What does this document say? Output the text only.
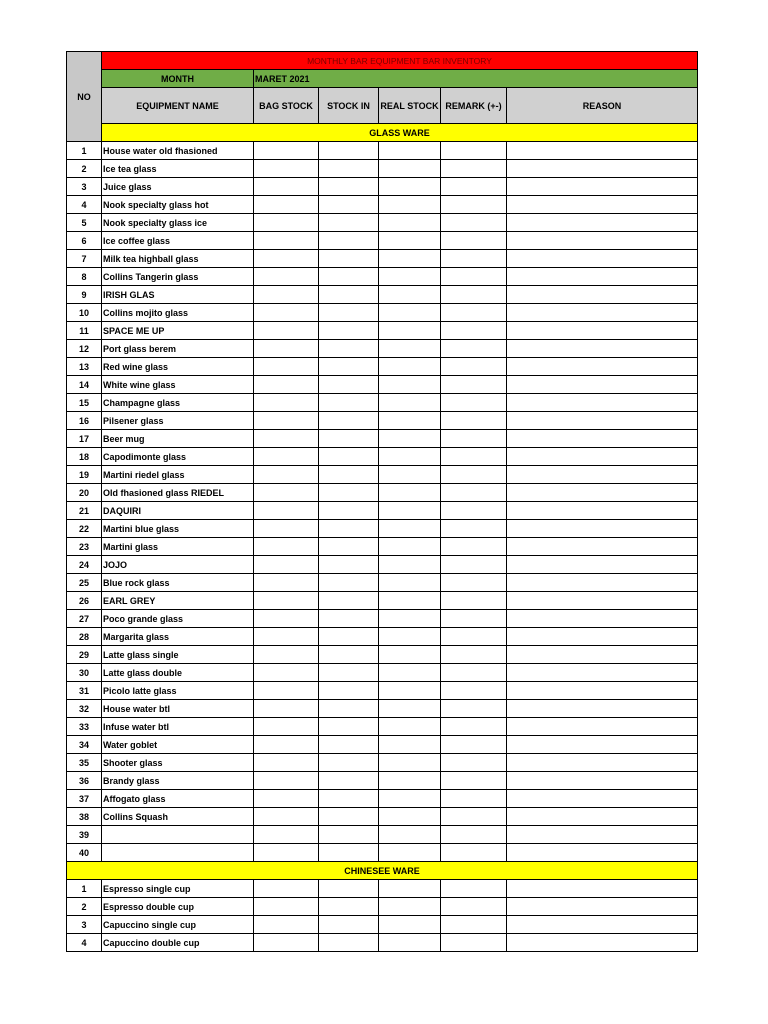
NO	MONTHLY BAR EQUIPMENT BAR INVENTORY					
	MONTH	MARET 2021				
	EQUIPMENT NAME	BAG STOCK	STOCK IN	REAL STOCK	REMARK (+-)	REASON
	GLASS WARE					
1	House water old fhasioned					
2	Ice tea glass					
3	Juice glass					
4	Nook specialty glass hot					
5	Nook specialty glass ice					
6	Ice coffee glass					
7	Milk tea highball glass					
8	Collins Tangerin glass					
9	IRISH GLAS					
10	Collins mojito glass					
11	SPACE ME UP					
12	Port glass berem					
13	Red wine glass					
14	White wine glass					
15	Champagne glass					
16	Pilsener glass					
17	Beer mug					
18	Capodimonte glass					
19	Martini riedel glass					
20	Old fhasioned glass RIEDEL					
21	DAQUIRI					
22	Martini blue glass					
23	Martini glass					
24	JOJO					
25	Blue rock glass					
26	EARL GREY					
27	Poco grande glass					
28	Margarita glass					
29	Latte glass single					
30	Latte glass double					
31	Picolo latte glass					
32	House water btl					
33	Infuse water btl					
34	Water goblet					
35	Shooter glass					
36	Brandy glass					
37	Affogato glass					
38	Collins Squash					
39						
40						
CHINESEE WARE						
1	Espresso single cup					
2	Espresso double cup					
3	Capuccino single cup					
4	Capuccino double cup					
